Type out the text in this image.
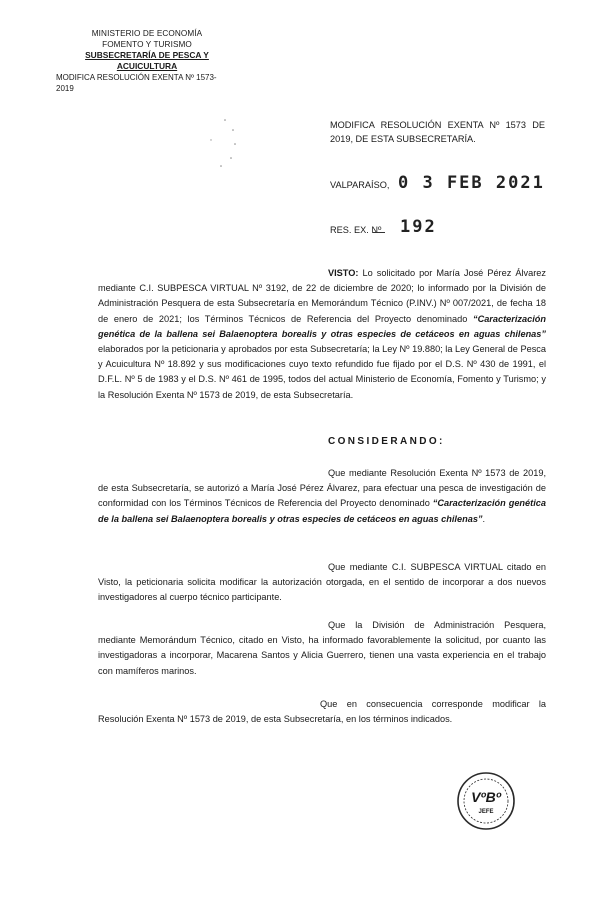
MINISTERIO DE ECONOMÍA
FOMENTO Y TURISMO
SUBSECRETARÍA DE PESCA Y ACUICULTURA
MODIFICA RESOLUCIÓN EXENTA Nº 1573-2019
MODIFICA RESOLUCIÓN EXENTA Nº 1573 DE 2019, DE ESTA SUBSECRETARÍA.
VALPARAÍSO, 0 3 FEB 2021
RES. EX. Nº 192
VISTO: Lo solicitado por María José Pérez Álvarez mediante C.I. SUBPESCA VIRTUAL Nº 3192, de 22 de diciembre de 2020; lo informado por la División de Administración Pesquera de esta Subsecretaría en Memorándum Técnico (P.INV.) Nº 007/2021, de fecha 18 de enero de 2021; los Términos Técnicos de Referencia del Proyecto denominado “Caracterización genética de la ballena sei Balaenoptera borealis y otras especies de cetáceos en aguas chilenas” elaborados por la peticionaria y aprobados por esta Subsecretaría; la Ley Nº 19.880; la Ley General de Pesca y Acuicultura Nº 18.892 y sus modificaciones cuyo texto refundido fue fijado por el D.S. Nº 430 de 1991, el D.F.L. Nº 5 de 1983 y el D.S. Nº 461 de 1995, todos del actual Ministerio de Economía, Fomento y Turismo; y la Resolución Exenta Nº 1573 de 2019, de esta Subsecretaría.
CONSIDERANDO:
Que mediante Resolución Exenta Nº 1573 de 2019, de esta Subsecretaría, se autorizó a María José Pérez Álvarez, para efectuar una pesca de investigación de conformidad con los Términos Técnicos de Referencia del Proyecto denominado “Caracterización genética de la ballena sei Balaenoptera borealis y otras especies de cetáceos en aguas chilenas”.
Que mediante C.I. SUBPESCA VIRTUAL citado en Visto, la peticionaria solicita modificar la autorización otorgada, en el sentido de incorporar a dos nuevos investigadores al cuerpo técnico participante.
Que la División de Administración Pesquera, mediante Memorándum Técnico, citado en Visto, ha informado favorablemente la solicitud, por cuanto las investigadoras a incorporar, Macarena Santos y Alicia Guerrero, tienen una vasta experiencia en el trabajo con mamíferos marinos.
Que en consecuencia corresponde modificar la Resolución Exenta Nº 1573 de 2019, de esta Subsecretaría, en los términos indicados.
VºBº
JEFE
